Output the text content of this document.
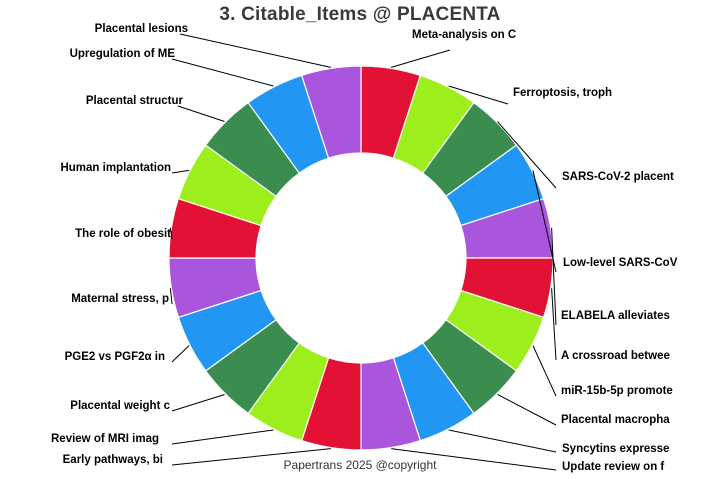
3. Citable_Items @ PLACENTA
Meta-analysis on C
Ferroptosis, troph
SARS-CoV-2 placent
Low-level SARS-CoV
ELABELA alleviates
A crossroad betwee
miR-15b-5p promote
Placental macropha
Syncytins expresse
Update review on f
Early pathways, bi
Review of MRI imag
Placental weight c
PGE2 vs PGF2α in
Maternal stress, p
The role of obesit
Human implantation
Placental structur
Upregulation of ME
Placental lesions
Papertrans 2025 @copyright
